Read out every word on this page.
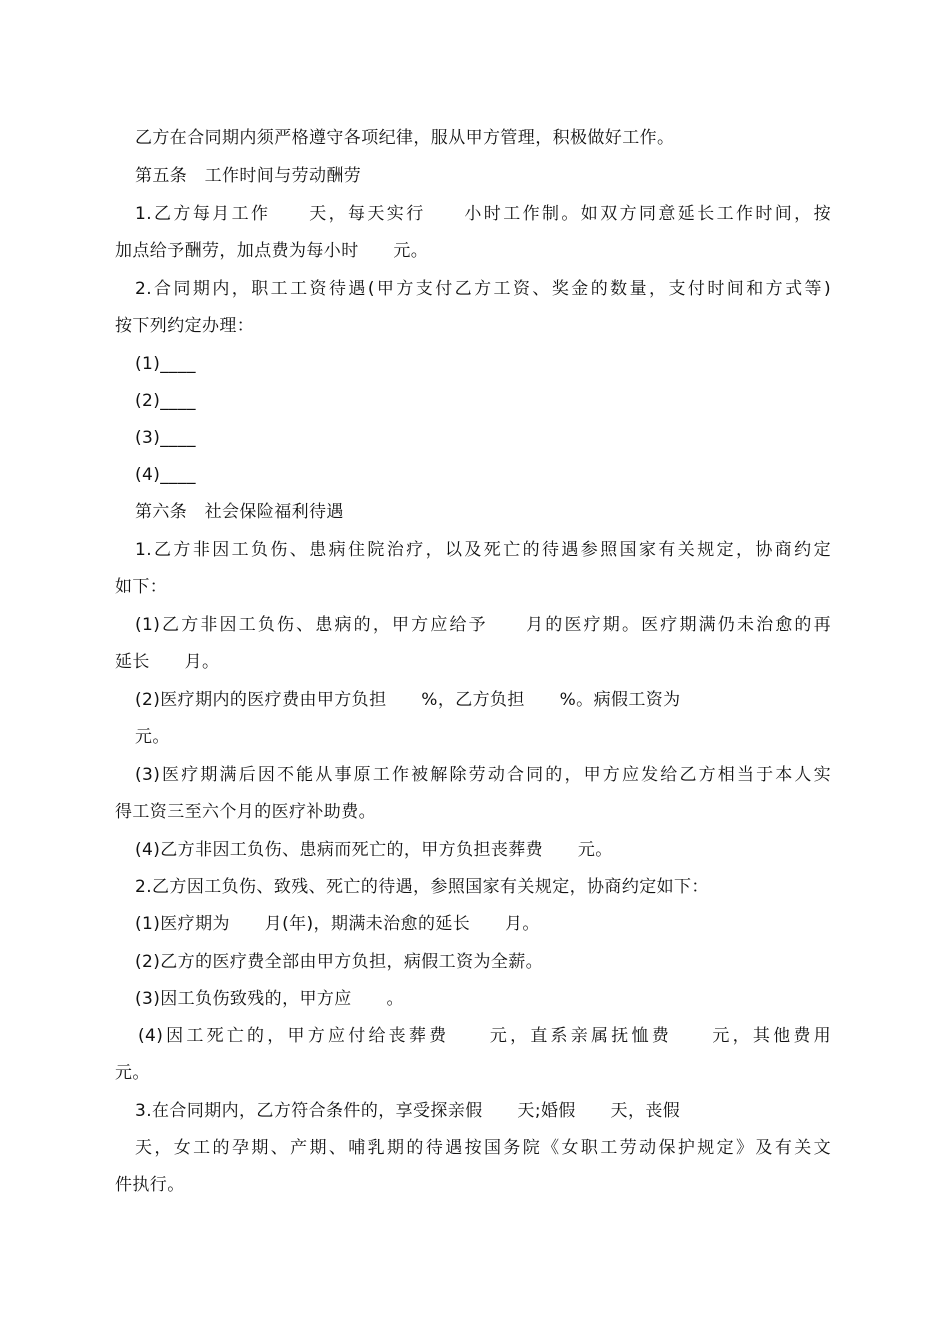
乙方在合同期内须严格遵守各项纪律，服从甲方管理，积极做好工作。
第五条　工作时间与劳动酬劳
1.乙方每月工作　　天，每天实行　　小时工作制。如双方同意延长工作时间，按
加点给予酬劳，加点费为每小时　　元。
2.合同期内，职工工资待遇(甲方支付乙方工资、奖金的数量，支付时间和方式等)
按下列约定办理：
(1)____
(2)____
(3)____
(4)____
第六条　社会保险福利待遇
1.乙方非因工负伤、患病住院治疗，以及死亡的待遇参照国家有关规定，协商约定
如下：
(1)乙方非因工负伤、患病的，甲方应给予　　月的医疗期。医疗期满仍未治愈的再
延长　　月。
(2)医疗期内的医疗费由甲方负担　　%，乙方负担　　%。病假工资为
元。
(3)医疗期满后因不能从事原工作被解除劳动合同的，甲方应发给乙方相当于本人实
得工资三至六个月的医疗补助费。
(4)乙方非因工负伤、患病而死亡的，甲方负担丧葬费　　元。
2.乙方因工负伤、致残、死亡的待遇，参照国家有关规定，协商约定如下：
(1)医疗期为　　月(年)，期满未治愈的延长　　月。
(2)乙方的医疗费全部由甲方负担，病假工资为全薪。
(3)因工负伤致残的，甲方应　　。
(4)因工死亡的，甲方应付给丧葬费　　元，直系亲属抚恤费　　元，其他费用
元。
3.在合同期内，乙方符合条件的，享受探亲假　　天;婚假　　天，丧假
天，女工的孕期、产期、哺乳期的待遇按国务院《女职工劳动保护规定》及有关文
件执行。
